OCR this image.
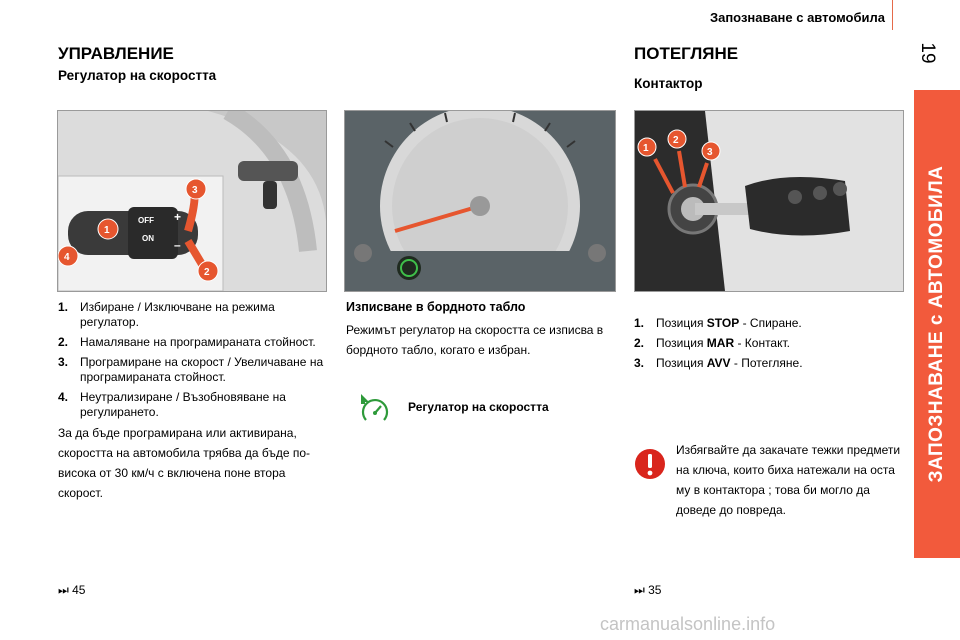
Запознаване с автомобила
19
ЗАПОЗНАВАНЕ с АВТОМОБИЛА
УПРАВЛЕНИЕ
Регулатор на скоростта
OFF
ON
+
–
1
2
3
4
1. Избиране / Изключване на режима регулатор.
2. Намаляване на програмираната стойност.
3. Програмиране на скорост / Увеличаване на програмираната стойност.
4. Неутрализиране / Възобновяване на регулирането.
За да бъде програмирана или активирана, скоростта на автомобила трябва да бъде по-висока от 30 км/ч с включена поне втора скорост.
⏭ 45
Изписване в бордното табло
Режимът регулатор на скоростта се изписва в бордното табло, когато е избран.
Регулатор на скоростта
ПОТЕГЛЯНЕ
Контактор
1
2
3
1. Позиция STOP - Спиране.
2. Позиция MAR - Контакт.
3. Позиция AVV - Потегляне.
Избягвайте да закачате тежки предмети на ключа, които биха натежали на оста му в контактора ; това би могло да доведе до повреда.
⏭ 35
carmanualsonline.info
